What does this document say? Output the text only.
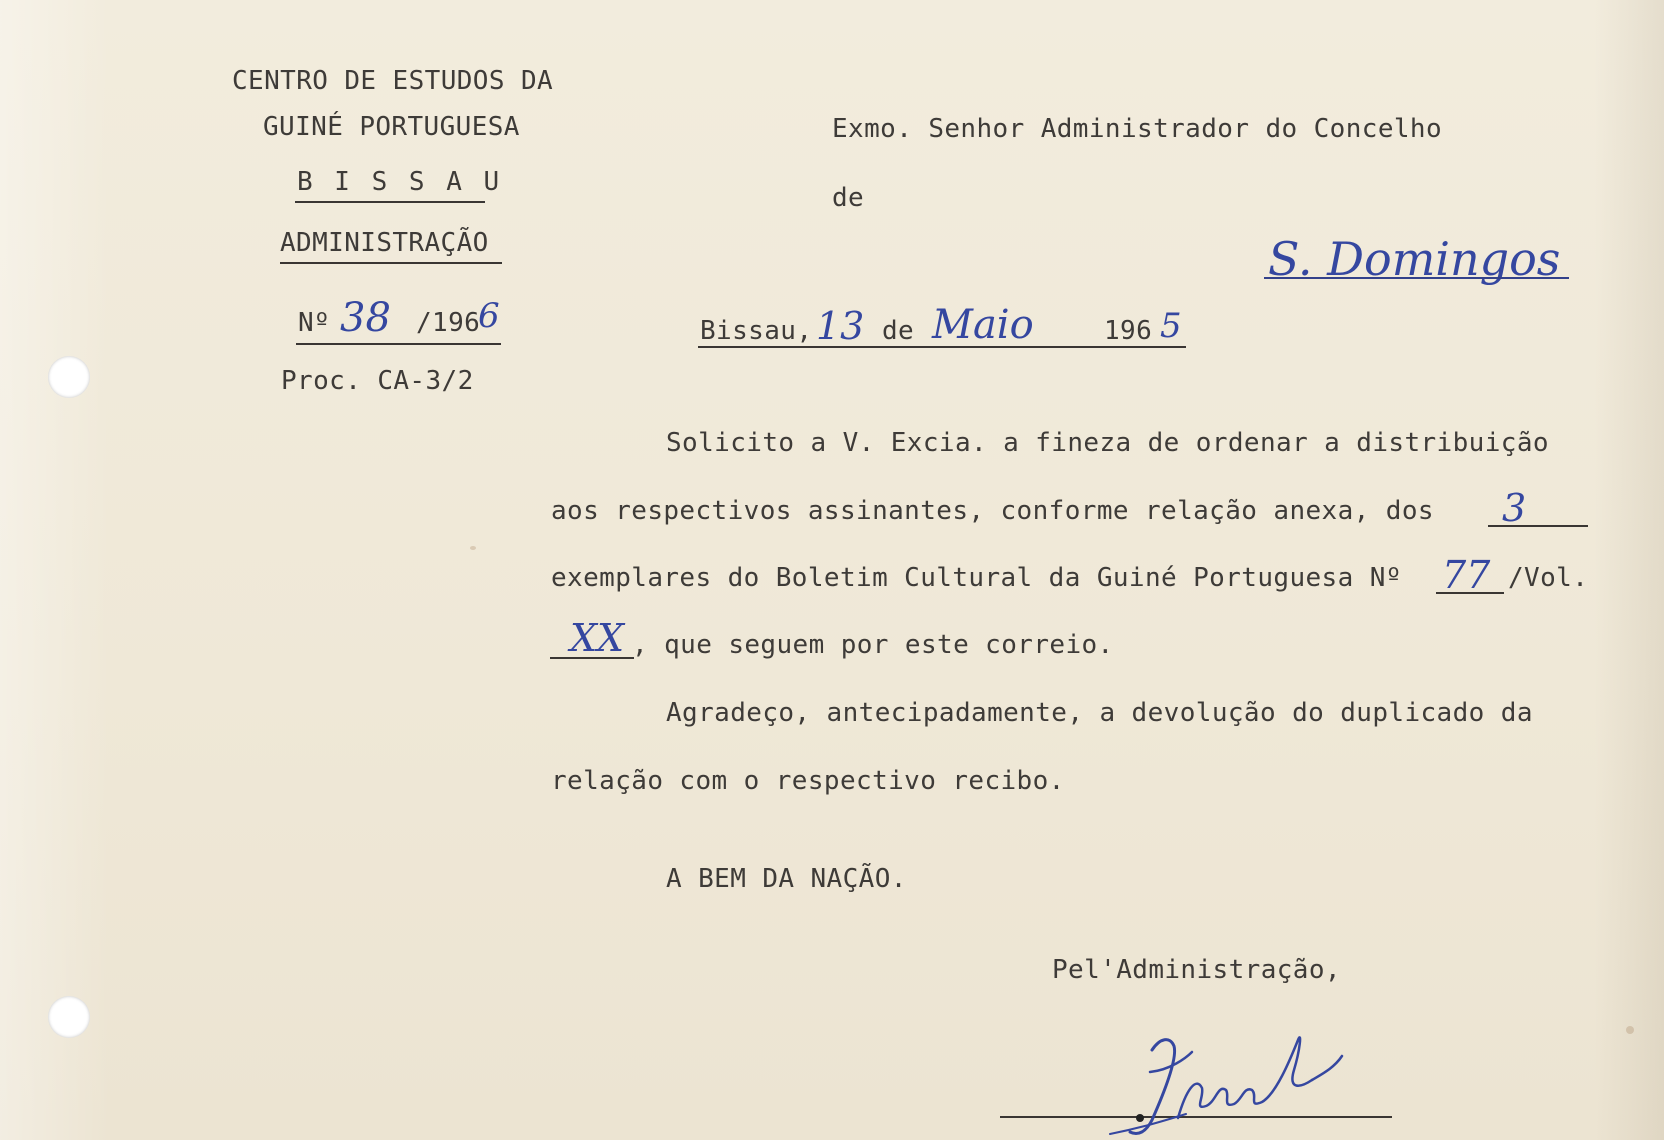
CENTRO DE ESTUDOS DA
GUINÉ PORTUGUESA
B I S S A U
ADMINISTRAÇÃO
Nº 38 /196
6
Proc. CA-3/2
Exmo. Senhor Administrador do Concelho
de
S. Domingos
Bissau, 13 de Maio	196 5
Solicito a V. Excia. a fineza de ordenar a distribuição
aos respectivos assinantes, conforme relação anexa, dos 3
exemplares do Boletim Cultural da Guiné Portuguesa Nº 77 /Vol.
XX , que seguem por este correio.
Agradeço, antecipadamente, a devolução do duplicado da
relação com o respectivo recibo.
A BEM DA NAÇÃO.
Pel'Administração,
